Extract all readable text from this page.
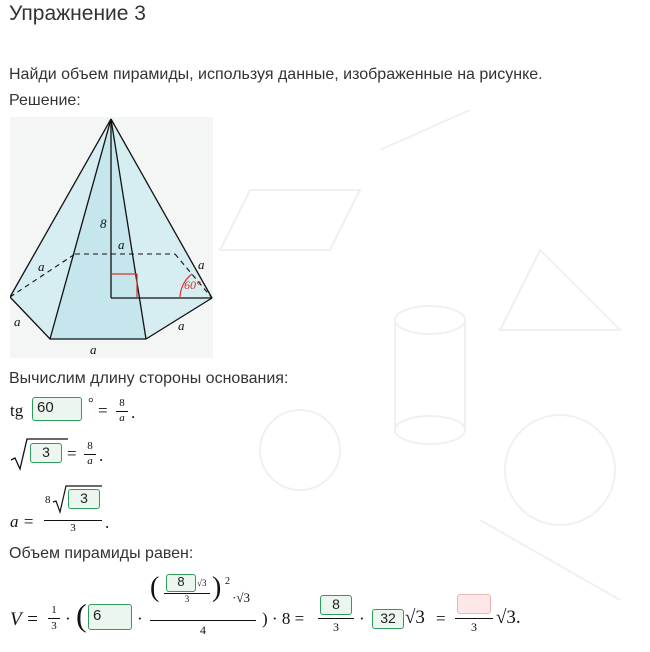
Упражнение 3
Найди объем пирамиды, используя данные, изображенные на рисунке.
Решение:
60°
8
a
a	a
a	a
a
Вычислим длину стороны основания:
tg 60	° = 8
a .
3	= 8
a .
a =
8	3
3	.
Объем пирамиды равен:
V = 1
3 · ( 6	·
(	8	√3
3 ) 2
·√3
4
) · 8 =
8
3	·	32 √3 =	3	√3.
